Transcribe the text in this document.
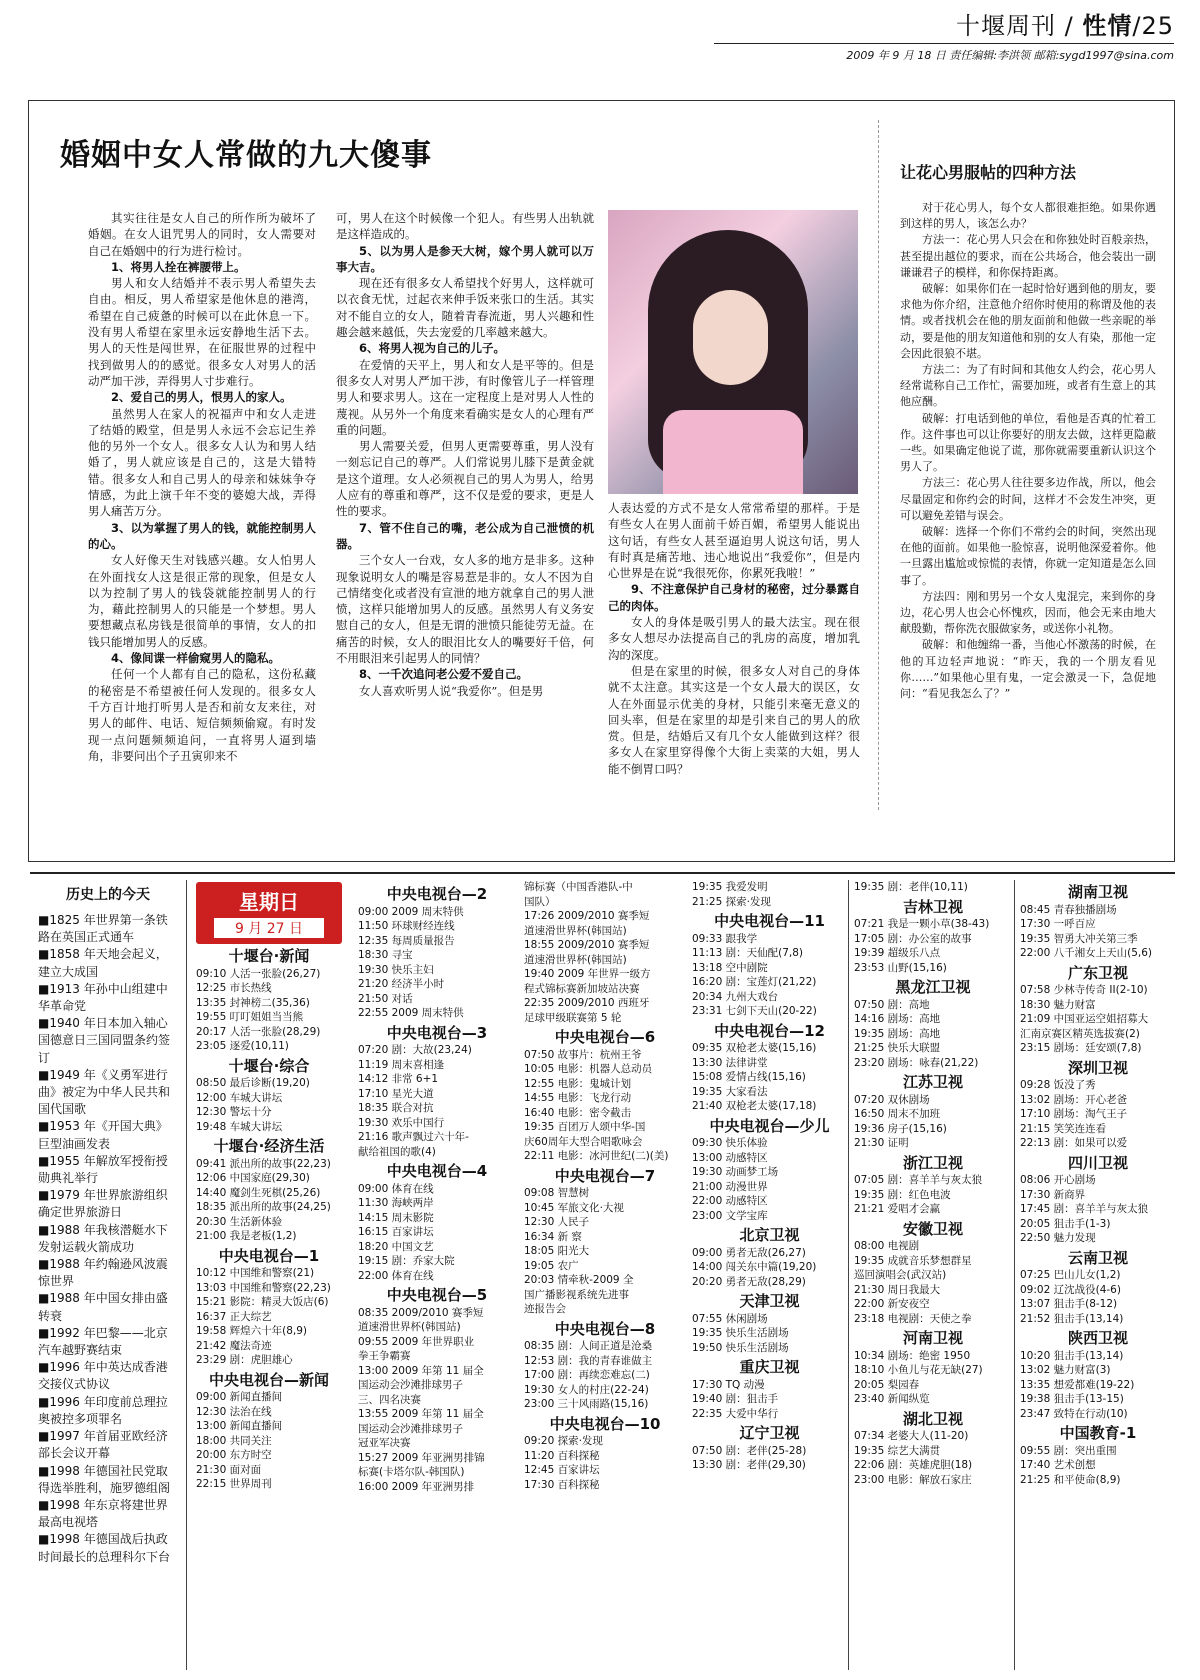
十堰周刊 / 性情/25
2009 年 9 月 18 日 责任编辑:李洪领 邮箱:sygd1997@sina.com
婚姻中女人常做的九大傻事

其实往往是女人自己的所作所为破坏了婚姻。在女人诅咒男人的同时，女人需要对自己在婚姻中的行为进行检讨。

1、将男人拴在裤腰带上。

男人和女人结婚并不表示男人希望失去自由。相反，男人希望家是他休息的港湾，希望在自己疲惫的时候可以在此休息一下。没有男人希望在家里永远安静地生活下去。男人的天性是闯世界，在征服世界的过程中找到做男人的的感觉。很多女人对男人的活动严加干涉，弄得男人寸步难行。

2、爱自己的男人，恨男人的家人。

虽然男人在家人的祝福声中和女人走进了结婚的殿堂，但是男人永远不会忘记生养他的另外一个女人。很多女人认为和男人结婚了，男人就应该是自己的，这是大错特错。很多女人和自己男人的母亲和妹妹争夺情感，为此上演千年不变的婆媳大战，弄得男人痛苦万分。

3、以为掌握了男人的钱，就能控制男人的心。

女人好像天生对钱感兴趣。女人怕男人在外面找女人这是很正常的现象，但是女人以为控制了男人的钱袋就能控制男人的行为，藉此控制男人的只能是一个梦想。男人要想藏点私房钱是很简单的事情，女人的扣钱只能增加男人的反感。

4、像间谍一样偷窥男人的隐私。

任何一个人都有自己的隐私，这份私藏的秘密是不希望被任何人发现的。很多女人千方百计地打听男人是否和前女友来往，对男人的邮件、电话、短信频频偷窥。有时发现一点问题频频追问，一直将男人逼到墙角，非要问出个子丑寅卯来不

可，男人在这个时候像一个犯人。有些男人出轨就是这样造成的。

5、以为男人是参天大树，嫁个男人就可以万事大吉。

现在还有很多女人希望找个好男人，这样就可以衣食无忧，过起衣来伸手饭来张口的生活。其实对不能自立的女人，随着青春流逝，男人兴趣和性趣会越来越低，失去宠爱的几率越来越大。

6、将男人视为自己的儿子。

在爱情的天平上，男人和女人是平等的。但是很多女人对男人严加干涉，有时像管儿子一样管理男人和要求男人。这在一定程度上是对男人人性的蔑视。从另外一个角度来看确实是女人的心理有严重的问题。

男人需要关爱，但男人更需要尊重，男人没有一刻忘记自己的尊严。人们常说男儿膝下是黄金就是这个道理。女人必须视自己的男人为男人，给男人应有的尊重和尊严，这不仅是爱的要求，更是人性的要求。

7、管不住自己的嘴，老公成为自己泄愤的机器。

三个女人一台戏，女人多的地方是非多。这种现象说明女人的嘴是容易惹是非的。女人不因为自己情绪变化或者没有宣泄的地方就拿自己的男人泄愤，这样只能增加男人的反感。虽然男人有义务安慰自己的女人，但是无谓的泄愤只能徒劳无益。在痛苦的时候，女人的眼泪比女人的嘴要好千倍，何不用眼泪来引起男人的同情？

8、一千次追问老公爱不爱自己。

女人喜欢听男人说“我爱你”。但是男

人表达爱的方式不是女人常常希望的那样。于是有些女人在男人面前千娇百媚，希望男人能说出这句话，有些女人甚至逼迫男人说这句话，男人有时真是痛苦地、违心地说出“我爱你”，但是内心世界是在说“我很死你，你累死我啦！”

9、不注意保护自己身材的秘密，过分暴露自己的肉体。

女人的身体是吸引男人的最大法宝。现在很多女人想尽办法提高自己的乳房的高度，增加乳沟的深度。

但是在家里的时候，很多女人对自己的身体就不太注意。其实这是一个女人最大的误区，女人在外面显示优美的身材，只能引来毫无意义的回头率，但是在家里的却是引来自己的男人的欣赏。但是，结婚后又有几个女人能做到这样？很多女人在家里穿得像个大街上卖菜的大姐，男人能不倒胃口吗？

让花心男服帖的四种方法

对于花心男人，每个女人都很难拒绝。如果你遇到这样的男人，该怎么办？

方法一：花心男人只会在和你独处时百般亲热，甚至提出越位的要求，而在公共场合，他会装出一副谦谦君子的模样，和你保持距离。

破解：如果你们在一起时恰好遇到他的朋友，要求他为你介绍，注意他介绍你时使用的称谓及他的表情。或者找机会在他的朋友面前和他做一些亲昵的举动，要是他的朋友知道他和别的女人有染，那他一定会因此很狼不堪。

方法二：为了有时间和其他女人约会，花心男人经常谎称自己工作忙，需要加班，或者有生意上的其他应酬。

破解：打电话到他的单位，看他是否真的忙着工作。这件事也可以让你要好的朋友去做，这样更隐蔽一些。如果确定他说了谎，那你就需要重新认识这个男人了。

方法三：花心男人往往要多边作战，所以，他会尽量固定和你约会的时间，这样才不会发生冲突，更可以避免差错与误会。

破解：选择一个你们不常约会的时间，突然出现在他的面前。如果他一脸惊喜，说明他深爱着你。他一旦露出尴尬或惊慌的表情，你就一定知道是怎么回事了。

方法四：刚和男另一个女人鬼混完，来到你的身边，花心男人也会心怀愧疚，因而，他会无来由地大献殷勤，帮你洗衣服做家务，或送你小礼物。

破解：和他缠绵一番，当他心怀激荡的时候，在他的耳边轻声地说：“昨天，我的一个朋友看见你……”如果他心里有鬼，一定会激灵一下，急促地问：“看见我怎么了？”

历史上的今天
■1825 年世界第一条铁路在英国正式通车
■1858 年天地会起义，建立大成国
■1913 年孙中山组建中华革命党
■1940 年日本加入轴心国德意日三国同盟条约签订
■1949 年《义勇军进行曲》被定为中华人民共和国代国歌
■1953 年《开国大典》巨型油画发表
■1955 年解放军授衔授勋典礼举行
■1979 年世界旅游组织确定世界旅游日
■1988 年我核潜艇水下发射运载火箭成功
■1988 年约翰逊风波震惊世界
■1988 年中国女排由盛转衰
■1992 年巴黎——北京汽车越野赛结束
■1996 年中英达成香港交接仪式协议
■1996 年印度前总理拉奥被控多项罪名
■1997 年首届亚欧经济部长会议开幕
■1998 年德国社民党取得选举胜利，施罗德组阁
■1998 年东京将建世界最高电视塔
■1998 年德国战后执政时间最长的总理科尔下台
星期日
9 月 27 日
十堰台·新闻
09:10 人活一张脸(26,27)
12:25 市长热线
13:35 封神榜二(35,36)
19:55 叮叮姐姐当当熊
20:17 人活一张脸(28,29)
23:05 逐爱(10,11)
十堰台·综合
08:50 最后诊断(19,20)
12:00 车城大讲坛
12:30 警坛十分
19:48 车城大讲坛
十堰台·经济生活
09:41 派出所的故事(22,23)
12:06 中国家庭(29,30)
14:40 魔剑生死棋(25,26)
18:35 派出所的故事(24,25)
20:30 生活新体验
21:00 我是老板(1,2)
中央电视台—1
10:12 中国维和警察(21)
13:03 中国维和警察(22,23)
15:21 影院：精灵大饭店(6)
16:37 正大综艺
19:58 辉煌六十年(8,9)
21:42 魔法奇迹
23:29 剧：虎胆雄心
中央电视台—新闻
09:00 新闻直播间
12:30 法治在线
13:00 新闻直播间
18:00 共同关注
20:00 东方时空
21:30 面对面
22:15 世界周刊
中央电视台—2
09:00 2009 周末特供
11:50 环球财经连线
12:35 每周质量报告
18:30 寻宝
19:30 快乐主妇
21:20 经济半小时
21:50 对话
22:55 2009 周末特供
中央电视台—3
07:20 剧：大故(23,24)
11:19 周末喜相逢
14:12 非常 6+1
17:10 星光大道
18:35 联合对抗
19:30 欢乐中国行
21:16 歌声飘过六十年-
献给祖国的歌(4)
中央电视台—4
09:00 体育在线
11:30 海峡两岸
14:15 周末影院
16:15 百家讲坛
18:20 中国文艺
19:15 剧：乔家大院
22:00 体育在线
中央电视台—5
08:35 2009/2010 赛季短
道速滑世界杯(韩国站)
09:55 2009 年世界职业
拳王争霸赛
13:00 2009 年第 11 届全
国运动会沙滩排球男子
三、四名决赛
13:55 2009 年第 11 届全
国运动会沙滩排球男子
冠亚军决赛
15:27 2009 年亚洲男排锦
标赛(卡塔尔队-韩国队)
16:00 2009 年亚洲男排
锦标赛（中国香港队-中
国队）
17:26 2009/2010 赛季短
道速滑世界杯(韩国站)
18:55 2009/2010 赛季短
道速滑世界杯(韩国站)
19:40 2009 年世界一级方
程式锦标赛新加坡站决赛
22:35 2009/2010 西班牙
足球甲级联赛第 5 轮
中央电视台—6
07:50 故事片：杭州王爷
10:05 电影：机器人总动员
12:55 电影：鬼城计划
14:55 电影：飞龙行动
16:40 电影：密令截击
19:35 百团万人颂中华-国
庆60周年大型合唱歌咏会
22:11 电影：冰河世纪(二)(美)
中央电视台—7
09:08 智慧树
10:45 军旅文化·大视
12:30 人民子
16:34 新 察
18:05 阳光大
19:05 农广
20:03 情牵秋-2009 全
国广播影视系统先进事
迹报告会
中央电视台—8
08:35 剧：人间正道是沧桑
12:53 剧：我的青春谁做主
17:00 剧：再续恋难忘(二)
19:30 女人的村庄(22-24)
23:00 三十风雨路(15,16)
中央电视台—10
09:20 探索·发现
11:20 百科探秘
12:45 百家讲坛
17:30 百科探秘
19:35 我爱发明
21:25 探索·发现
中央电视台—11
09:33 跟我学
11:13 剧：天仙配(7,8)
13:18 空中剧院
16:20 剧：宝莲灯(21,22)
20:34 九州大戏台
23:31 七剑下天山(20-22)
中央电视台—12
09:35 双枪老太婆(15,16)
13:30 法律讲堂
15:08 爱情占线(15,16)
19:35 大家看法
21:40 双枪老太婆(17,18)
中央电视台—少儿
09:30 快乐体验
13:00 动感特区
19:30 动画梦工场
21:00 动漫世界
22:00 动感特区
23:00 文学宝库
北京卫视
09:00 勇者无敌(26,27)
14:00 闯关东中篇(19,20)
20:20 勇者无敌(28,29)
天津卫视
07:55 休闲剧场
19:35 快乐生活剧场
19:50 快乐生活剧场
重庆卫视
17:30 TQ 动漫
19:40 剧：狙击手
22:35 大爱中华行
辽宁卫视
07:50 剧：老伴(25-28)
13:30 剧：老伴(29,30)
19:35 剧：老伴(10,11)
吉林卫视
07:21 我是一颗小草(38-43)
17:05 剧：办公室的故事
19:39 超级乐八点
23:53 山野(15,16)
黑龙江卫视
07:50 剧：高地
14:16 剧场：高地
19:35 剧场：高地
21:25 快乐大联盟
23:20 剧场：咏春(21,22)
江苏卫视
07:20 双休剧场
16:50 周末不加班
19:36 房子(15,16)
21:30 证明
浙江卫视
07:05 剧：喜羊羊与灰太狼
19:35 剧：红色电波
21:21 爱唱才会赢
安徽卫视
08:00 电视剧
19:35 成就音乐梦想群星
巡回演唱会(武汉站)
21:30 周日我最大
22:00 新安夜空
23:18 电视剧：天使之拳
河南卫视
10:34 剧场：绝密 1950
18:10 小鱼儿与花无缺(27)
20:05 梨园春
23:40 新闻纵览
湖北卫视
07:34 老婆大人(11-20)
19:35 综艺大满贯
22:06 剧：英雄虎胆(18)
23:00 电影：解放石家庄
湖南卫视
08:45 青春独播剧场
17:30 一呼百应
19:35 智勇大冲关第三季
22:00 八千湘女上天山(5,6)
广东卫视
07:58 少林寺传奇 II(2-10)
18:30 魅力财富
21:09 中国亚运空姐招募大
汇南京赛区精英选拔赛(2)
23:15 剧场：廷安颂(7,8)
深圳卫视
09:28 饭没了秀
13:02 剧场：开心老爸
17:10 剧场：淘气王子
21:15 笑笑连连看
22:13 剧：如果可以爱
四川卫视
08:06 开心剧场
17:30 新商界
17:45 剧：喜羊羊与灰太狼
20:05 狙击手(1-3)
22:50 魅力发现
云南卫视
07:25 巴山儿女(1,2)
09:02 辽沈战役(4-6)
13:07 狙击手(8-12)
21:52 狙击手(13,14)
陕西卫视
10:20 狙击手(13,14)
13:02 魅力财富(3)
13:35 想爱都难(19-22)
19:38 狙击手(13-15)
23:47 致特在行动(10)
中国教育-1
09:55 剧：突出重围
17:40 艺术创想
21:25 和平使命(8,9)
